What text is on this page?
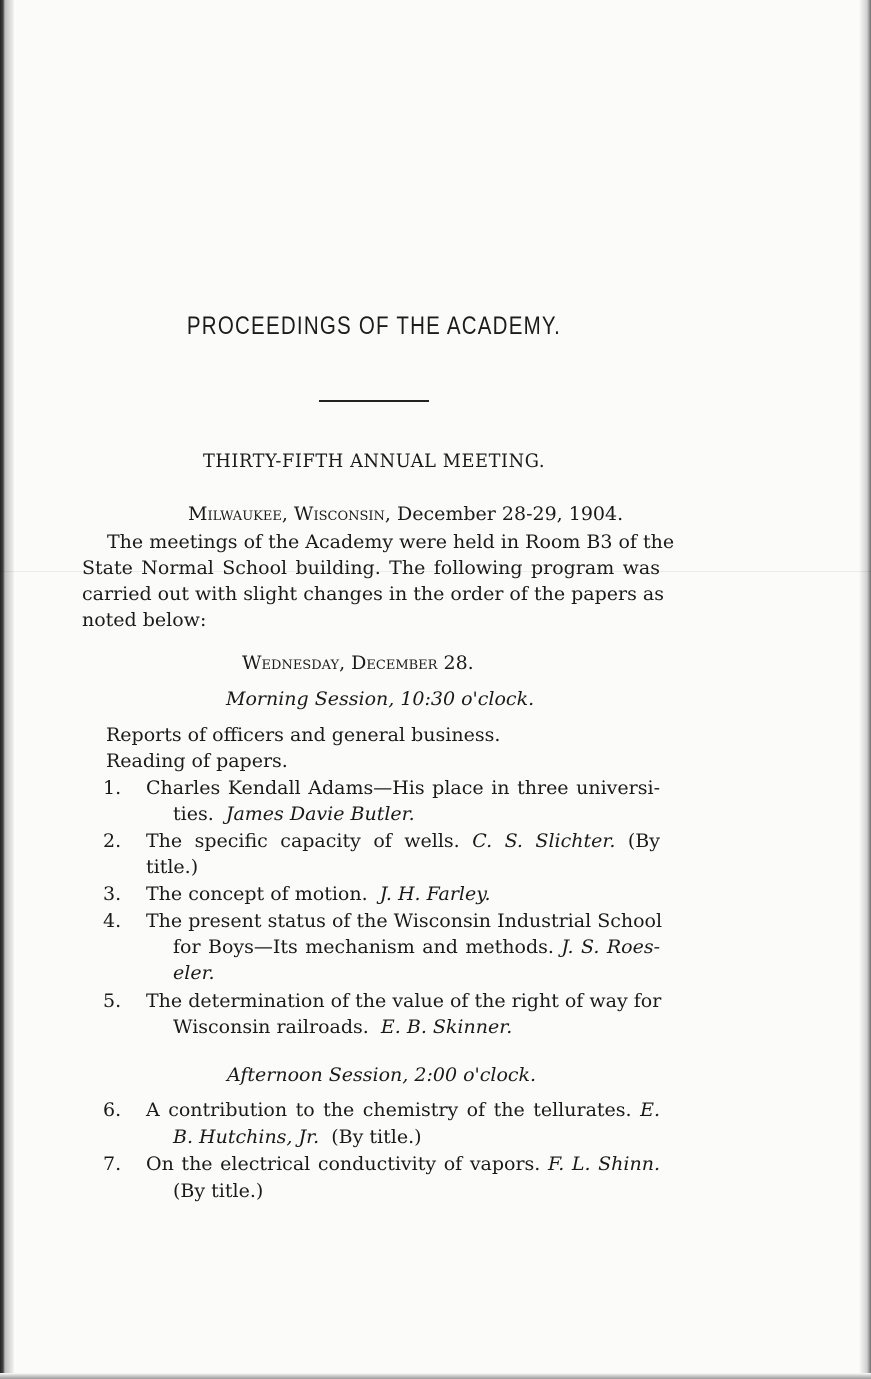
PROCEEDINGS OF THE ACADEMY.
THIRTY-FIFTH ANNUAL MEETING.
Milwaukee, Wisconsin, December 28-29, 1904.
The meetings of the Academy were held in Room B3 of the
State Normal School building. The following program was
carried out with slight changes in the order of the papers as
noted below:
Wednesday, December 28.
Morning Session, 10:30 o'clock.
Reports of officers and general business.
Reading of papers.
1. Charles Kendall Adams—His place in three universi-
ties. James Davie Butler.
2. The specific capacity of wells. C. S. Slichter. (By
title.)
3. The concept of motion. J. H. Farley.
4. The present status of the Wisconsin Industrial School
for Boys—Its mechanism and methods. J. S. Roes-
eler.
5. The determination of the value of the right of way for
Wisconsin railroads. E. B. Skinner.
Afternoon Session, 2:00 o'clock.
6. A contribution to the chemistry of the tellurates. E.
B. Hutchins, Jr. (By title.)
7. On the electrical conductivity of vapors. F. L. Shinn.
(By title.)
